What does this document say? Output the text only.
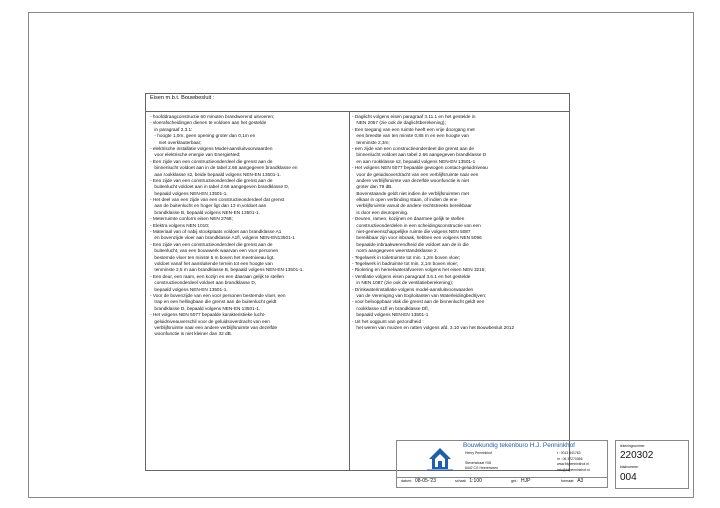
Eisen m.b.t. Bouwbesluit :
- hoofddraagconstructie 60 minuten brandwerend uitvoeren;
- vloerafscheidingen dienen te voldoen aan het gestelde
in paragraaf 2.3.1:
- hoogte 1,0m, geen opening groter dan 0,1m en
niet overklauterbaar;
- elektrische installatie volgens Model-aansluitvoorwaarden
voor elektrische energie van EnergieNed;
- Een zijde van een constructieonderdeel die grenst aan de
binnenlucht voldoet aan in de tabel 2.66 aangegeven brandklasse en
aan rookklasse s2, beide bepaald volgens NEN-EN 13501-1.
- Een zijde van een constructieonderdeel die grenst aan de
buitenlucht voldoet aan in tabel 2.66 aangegeven brandklasse D,
bepaald volgens NEN-EN 13501-1.
- Het deel van een zijde van een constructieonderdeel dat grenst
aan de buitenlucht en hoger ligt dan 13 m,voldoet aan
brandklasse B, bepaald volgens NEN-EN 13501-1.
- Meterruimte conform eisen NEN 2768;
- Elektra volgens NEN 1010;
- Materiaal van of nabij stookplaats voldoet aan brandklasse A1
en bovenzijde vloer aan brandklasse A1fl, volgens NEN-EN13501-1
- Een zijde van een constructieonderdeel die grenst aan de
buitenlucht, van een bouwwerk waarvan een voor personen
bestemde vloer ten minste 5 m boven het meetniveau ligt,
voldoet vanaf het aansluitende terrein tot een hoogte van
tenminste 2,5 m aan brandklasse B, bepaald volgens NEN-EN 13501-1.
- Een deur, een raam, een kozijn en een daaraan gelijk te stellen
constructieonderdeel voldoet aan brandklasse D,
bepaald volgens NEN-EN 13501-1.
- Voor de bovenzijde van een voor personen bestemde vloer, een
trap en een hellingbaan die grenst aan de buitenlucht geldt
brandklasse D, bepaald volgens NEN-EN 13501-1.
- Het volgens NEN 5077 bepaalde karakteristieke lucht-
geluidniveauverschil voor de geluidsoverdracht van een
verblijfsruimte naar een andere verblijfsruimte van dezelfde
woonfunctie is niet kleiner dan 32 dB.
- Daglicht volgens eisen paragraaf 3.11.1 en het gestelde in
NEN 2057 (zie ook de daglichtberekening);
- Een toegang van een ruimte heeft een vrije doorgang met
een breedte van ten minste 0,85 m en een hoogte van
tenminste 2,3m;
- een zijde van een constructieonderdeel die grenst aan de
binnenlucht voldoet aan tabel 2.66 aangegeven brandklasse D
en aan rookklasse s2, bepaald volgens NEN-EN 13501-1
- Het volgens NEN 5077 bepaalde gewogen contact-geluidniveau
voor de geluidsoverdracht van een verblijfsruimte naar een
andere verblijfsruimte van dezelfde woonfunctie is niet
groter dan 79 dB.
Bovenstaande geldt niet indien de verblijfsruimten met
elkaar in open verbinding staan, of indien de ene
verblijfsruimte vanuit de andere rechtstreeks bereikbaar
is door een deuropening.
- Deuren, ramen, kozijnen en daarmee gelijk te stellen
constructieonderdelen in een scheidingsconstructie van een
niet-gemeenschappelijke ruimte die volgens NEN 5087
bereikbaar zijn voor inbraak, hebben een volgens NEN 5096
bepaalde inbraakwerendheid die voldoet aan de in die
norm aangegeven weerstandsklasse 2.
- Tegelwerk in toiletruimte tot min. 1,2m boven vloer;
- Tegelwerk in badruimte tot min. 2,1m boven vloer;
- Riolering en hemelwaterafvoeren volgens het eisen NEN 3215;
- Ventilatie volgens eisen paragraaf 3.6.1 en het gestelde
in NEN 1087 (zie ook de ventilatieberekening);
- Drinkwaterinstallatie volgens model-aansluitvoorwaarden
van de Vereniging van Exploitanten van Waterleidingbedrijven;
- voor belooppbaar vlak die grenst aan de binnenlucht geldt een
rookklasse s1fl en brandklasse Dfl,
bepaald volgens NEN-EN 13501-1
- Uit het oogpunt van gezondheid :
het weren van muizen en ratten volgens afd. 3.10 van het Bouwbesluit 2012
Bouwkundig tekenburo H.J. Penninkhof
Henry Penninkhof
Stevenstraat Y08
6442 CG Heerenveen
t : 0013 841763
m : 06 37270366
www.bkpenninkhof.nl
info@bkpenninkhof.nl
datum: 08-05-'23	schaal: 1:100	get.: HJP	formaat: A3
tekeningnummer
220302
bladnummer
004
